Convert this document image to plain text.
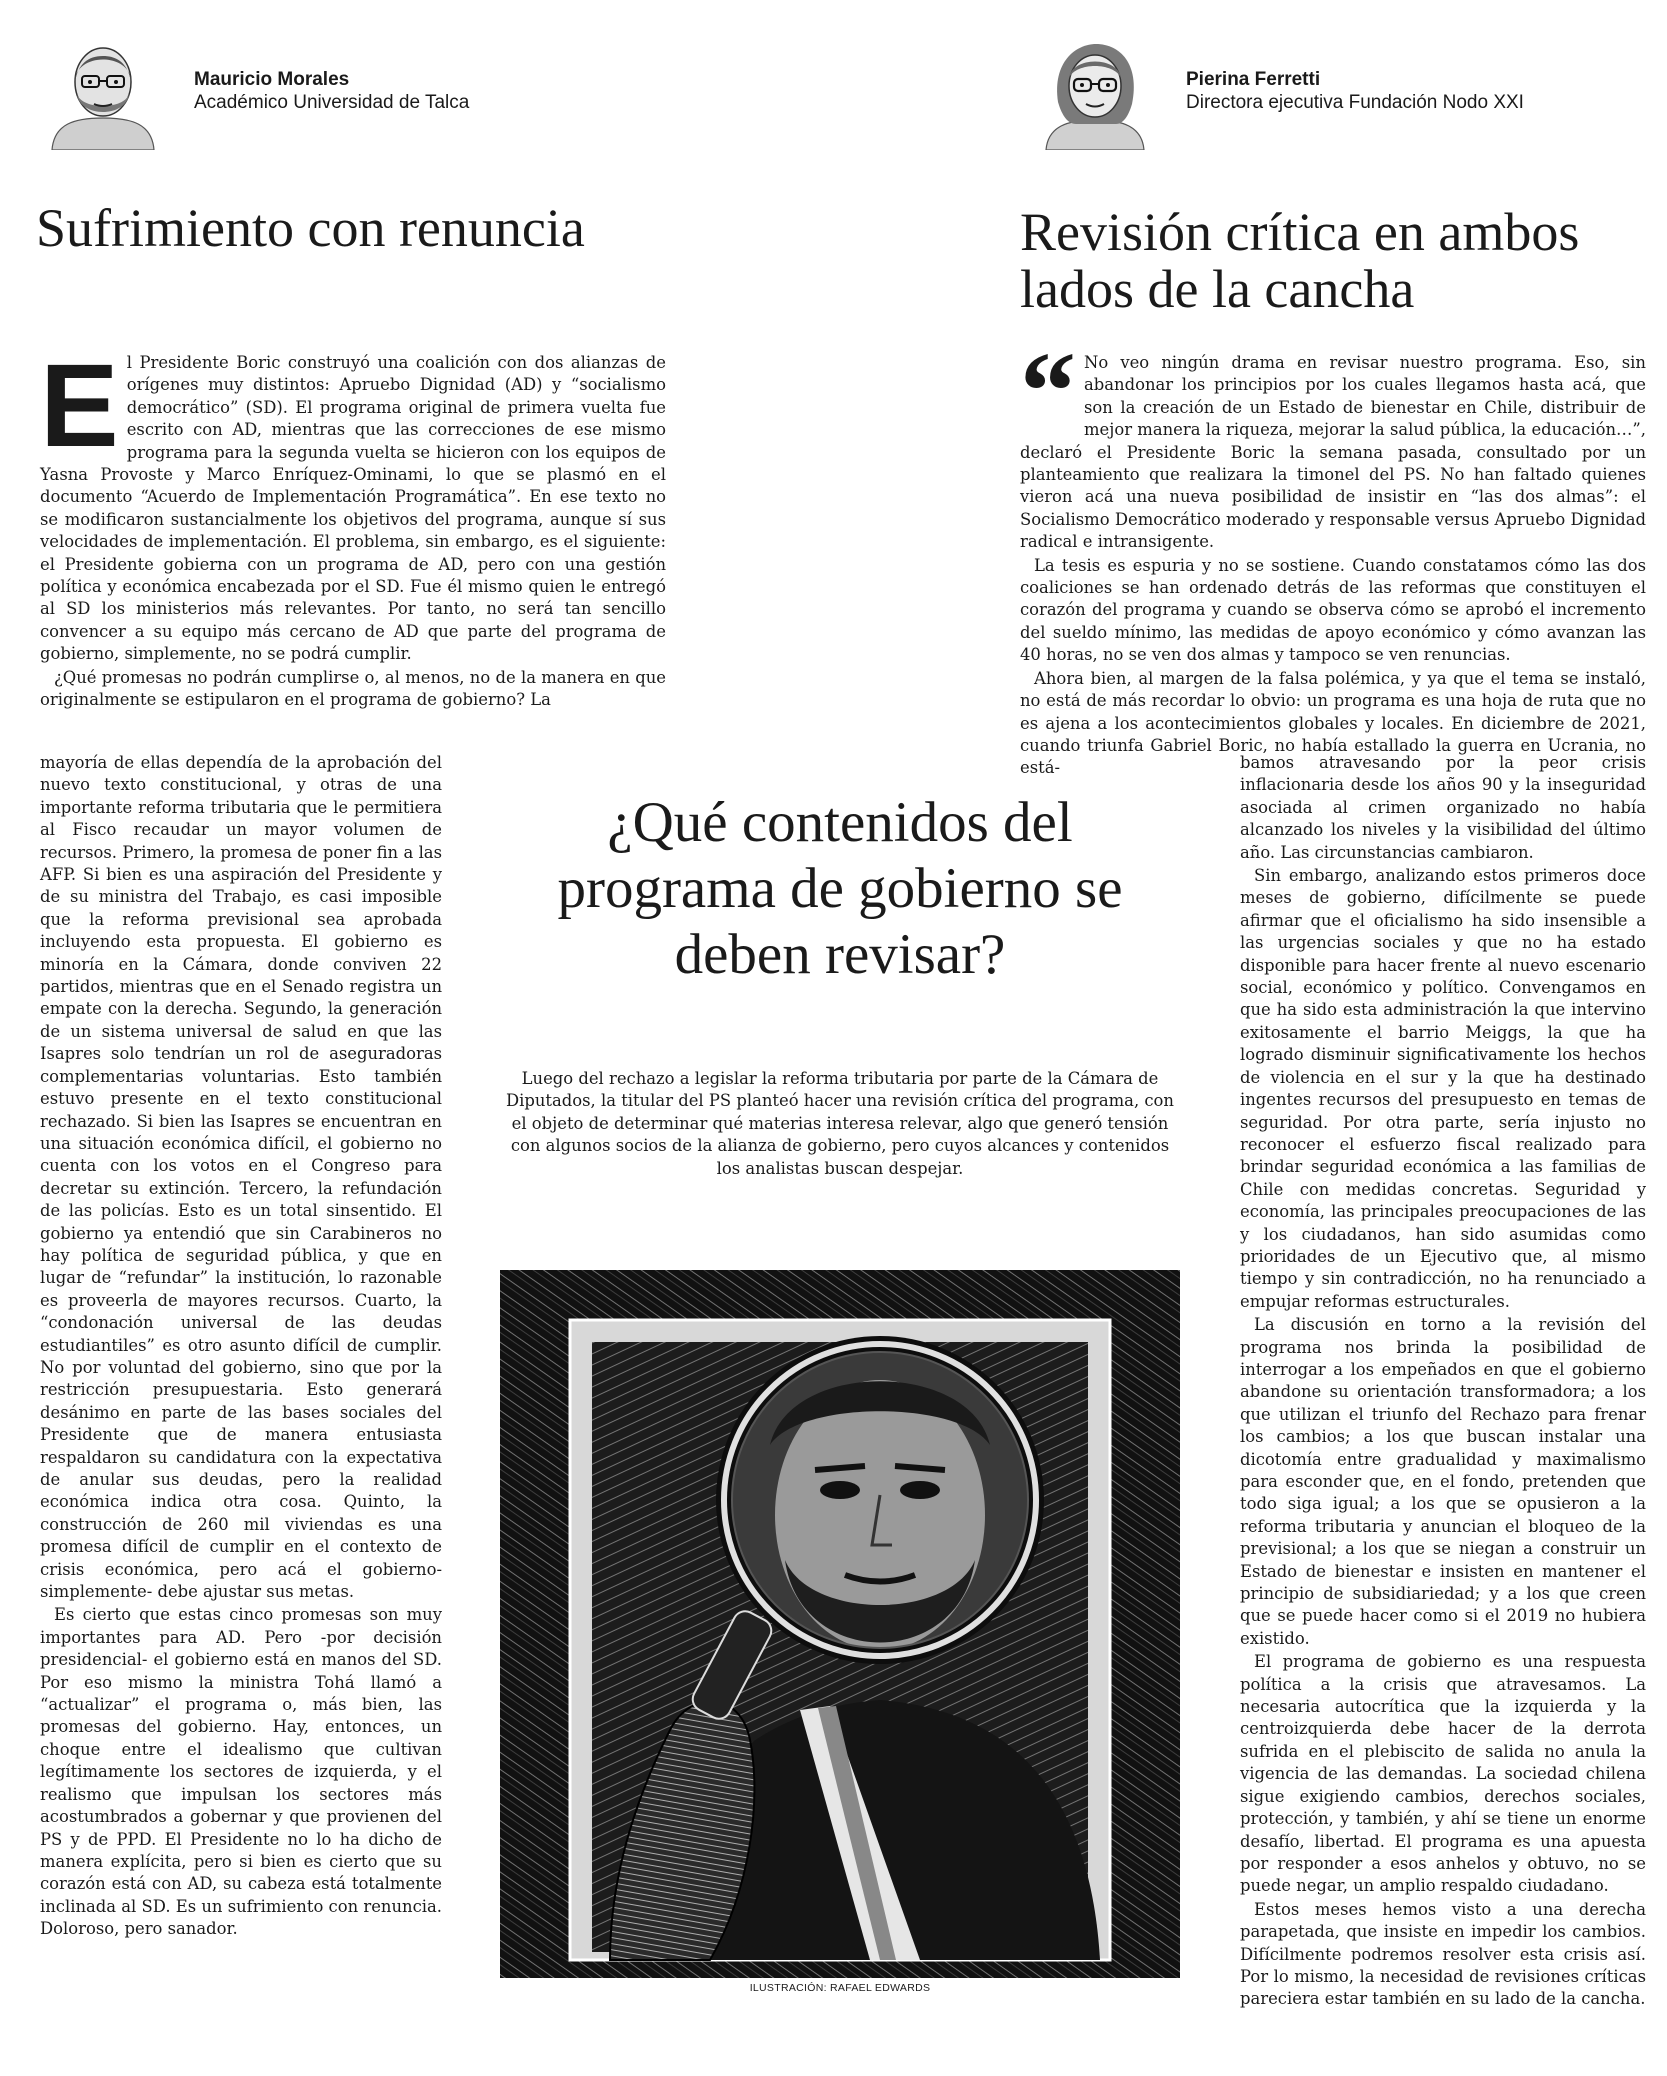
Mauricio Morales
Académico Universidad de Talca
Pierina Ferretti
Directora ejecutiva Fundación Nodo XXI
Sufrimiento con renuncia	Revisión crítica en ambos lados de la cancha
E l Presidente Boric construyó una coalición con dos alianzas de orígenes muy distintos: Apruebo Dignidad (AD) y “socialismo democrático” (SD). El programa original de primera vuelta fue escrito con AD, mientras que las correcciones de ese mismo programa para la segunda vuelta se hicieron con los equipos de Yasna Provoste y Marco Enríquez-Ominami, lo que se plasmó en el documento “Acuerdo de Implementación Programática”. En ese texto no se modificaron sustancialmente los objetivos del programa, aunque sí sus velocidades de implementación. El problema, sin embargo, es el siguiente: el Presidente gobierna con un programa de AD, pero con una gestión política y económica encabezada por el SD. Fue él mismo quien le entregó al SD los ministerios más relevantes. Por tanto, no será tan sencillo convencer a su equipo más cercano de AD que parte del programa de gobierno, simplemente, no se podrá cumplir.

¿Qué promesas no podrán cumplirse o, al menos, no de la manera en que originalmente se estipularon en el programa de gobierno? La

mayoría de ellas dependía de la aprobación del nuevo texto constitucional, y otras de una importante reforma tributaria que le permitiera al Fisco recaudar un mayor volumen de recursos. Primero, la promesa de poner fin a las AFP. Si bien es una aspiración del Presidente y de su ministra del Trabajo, es casi imposible que la reforma previsional sea aprobada incluyendo esta propuesta. El gobierno es minoría en la Cámara, donde conviven 22 partidos, mientras que en el Senado registra un empate con la derecha. Segundo, la generación de un sistema universal de salud en que las Isapres solo tendrían un rol de aseguradoras complementarias voluntarias. Esto también estuvo presente en el texto constitucional rechazado. Si bien las Isapres se encuentran en una situación económica difícil, el gobierno no cuenta con los votos en el Congreso para decretar su extinción. Tercero, la refundación de las policías. Esto es un total sinsentido. El gobierno ya entendió que sin Carabineros no hay política de seguridad pública, y que en lugar de “refundar” la institución, lo razonable es proveerla de mayores recursos. Cuarto, la “condonación universal de las deudas estudiantiles” es otro asunto difícil de cumplir. No por voluntad del gobierno, sino que por la restricción presupuestaria. Esto generará desánimo en parte de las bases sociales del Presidente que de manera entusiasta respaldaron su candidatura con la expectativa de anular sus deudas, pero la realidad económica indica otra cosa. Quinto, la construcción de 260 mil viviendas es una promesa difícil de cumplir en el contexto de crisis económica, pero acá el gobierno- simplemente- debe ajustar sus metas.

Es cierto que estas cinco promesas son muy importantes para AD. Pero -por decisión presidencial- el gobierno está en manos del SD. Por eso mismo la ministra Tohá llamó a “actualizar” el programa o, más bien, las promesas del gobierno. Hay, entonces, un choque entre el idealismo que cultivan legítimamente los sectores de izquierda, y el realismo que impulsan los sectores más acostumbrados a gobernar y que provienen del PS y de PPD. El Presidente no lo ha dicho de manera explícita, pero si bien es cierto que su corazón está con AD, su cabeza está totalmente inclinada al SD. Es un sufrimiento con renuncia. Doloroso, pero sanador.

“ No veo ningún drama en revisar nuestro programa. Eso, sin abandonar los principios por los cuales llegamos hasta acá, que son la creación de un Estado de bienestar en Chile, distribuir de mejor manera la riqueza, mejorar la salud pública, la educación…”, declaró el Presidente Boric la semana pasada, consultado por un planteamiento que realizara la timonel del PS. No han faltado quienes vieron acá una nueva posibilidad de insistir en “las dos almas”: el Socialismo Democrático moderado y responsable versus Apruebo Dignidad radical e intransigente.

La tesis es espuria y no se sostiene. Cuando constatamos cómo las dos coaliciones se han ordenado detrás de las reformas que constituyen el corazón del programa y cuando se observa cómo se aprobó el incremento del sueldo mínimo, las medidas de apoyo económico y cómo avanzan las 40 horas, no se ven dos almas y tampoco se ven renuncias.

Ahora bien, al margen de la falsa polémica, y ya que el tema se instaló, no está de más recordar lo obvio: un programa es una hoja de ruta que no es ajena a los acontecimientos globales y locales. En diciembre de 2021, cuando triunfa Gabriel Boric, no había estallado la guerra en Ucrania, no está-	bamos atravesando por la peor crisis inflacionaria desde los años 90 y la inseguridad asociada al crimen organizado no había alcanzado los niveles y la visibilidad del último año. Las circunstancias cambiaron.

Sin embargo, analizando estos primeros doce meses de gobierno, difícilmente se puede afirmar que el oficialismo ha sido insensible a las urgencias sociales y que no ha estado disponible para hacer frente al nuevo escenario social, económico y político. Convengamos en que ha sido esta administración la que intervino exitosamente el barrio Meiggs, la que ha logrado disminuir significativamente los hechos de violencia en el sur y la que ha destinado ingentes recursos del presupuesto en temas de seguridad. Por otra parte, sería injusto no reconocer el esfuerzo fiscal realizado para brindar seguridad económica a las familias de Chile con medidas concretas. Seguridad y economía, las principales preocupaciones de las y los ciudadanos, han sido asumidas como prioridades de un Ejecutivo que, al mismo tiempo y sin contradicción, no ha renunciado a empujar reformas estructurales.

La discusión en torno a la revisión del programa nos brinda la posibilidad de interrogar a los empeñados en que el gobierno abandone su orientación transformadora; a los que utilizan el triunfo del Rechazo para frenar los cambios; a los que buscan instalar una dicotomía entre gradualidad y maximalismo para esconder que, en el fondo, pretenden que todo siga igual; a los que se opusieron a la reforma tributaria y anuncian el bloqueo de la previsional; a los que se niegan a construir un Estado de bienestar e insisten en mantener el principio de subsidiariedad; y a los que creen que se puede hacer como si el 2019 no hubiera existido.

El programa de gobierno es una respuesta política a la crisis que atravesamos. La necesaria autocrítica que la izquierda y la centroizquierda debe hacer de la derrota sufrida en el plebiscito de salida no anula la vigencia de las demandas. La sociedad chilena sigue exigiendo cambios, derechos sociales, protección, y también, y ahí se tiene un enorme desafío, libertad. El programa es una apuesta por responder a esos anhelos y obtuvo, no se puede negar, un amplio respaldo ciudadano.

Estos meses hemos visto a una derecha parapetada, que insiste en impedir los cambios. Difícilmente podremos resolver esta crisis así. Por lo mismo, la necesidad de revisiones críticas pareciera estar también en su lado de la cancha.

¿Qué contenidos del programa de gobierno se deben revisar?
Luego del rechazo a legislar la reforma tributaria por parte de la Cámara de Diputados, la titular del PS planteó hacer una revisión crítica del programa, con el objeto de determinar qué materias interesa relevar, algo que generó tensión con algunos socios de la alianza de gobierno, pero cuyos alcances y contenidos los analistas buscan despejar.
ILUSTRACIÓN: RAFAEL EDWARDS
